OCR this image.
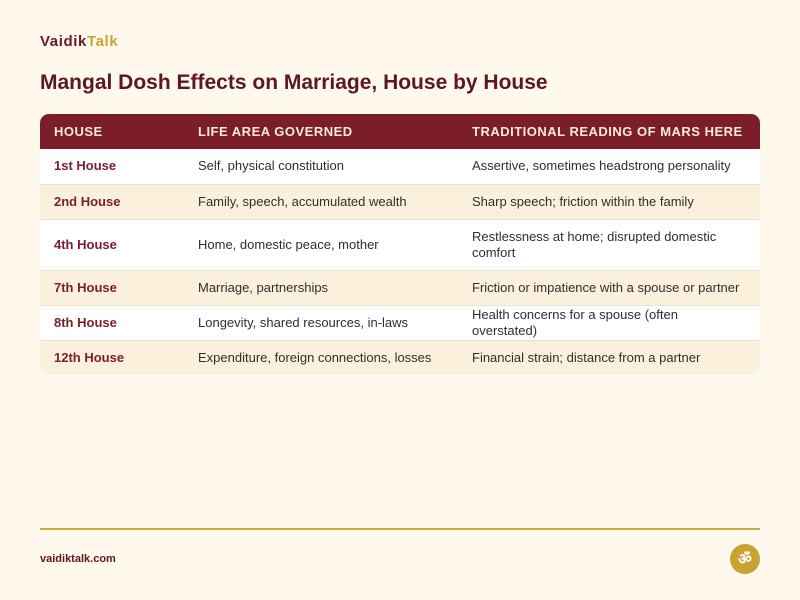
VaidikTalk
Mangal Dosh Effects on Marriage, House by House
HOUSE	LIFE AREA GOVERNED	TRADITIONAL READING OF MARS HERE
1st House	Self, physical constitution	Assertive, sometimes headstrong personality
2nd House	Family, speech, accumulated wealth	Sharp speech; friction within the family
4th House	Home, domestic peace, mother	Restlessness at home; disrupted domestic comfort
7th House	Marriage, partnerships	Friction or impatience with a spouse or partner
8th House	Longevity, shared resources, in-laws	Health concerns for a spouse (often overstated)
12th House	Expenditure, foreign connections, losses	Financial strain; distance from a partner
vaidiktalk.com	ॐ
